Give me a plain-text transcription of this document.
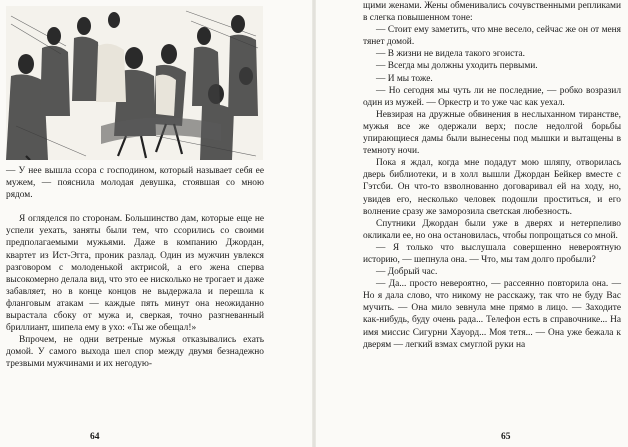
— У нее вышла ссора с господином, который называет себя ее мужем, — пояснила молодая девушка, стоявшая со мною рядом.

Я огляделся по сторонам. Большинство дам, которые еще не успели уехать, заняты были тем, что ссорились со своими предполагаемыми мужьями. Даже в компанию Джордан, квартет из Ист-Эгга, проник разлад. Один из мужчин увлекся разговором с молоденькой актрисой, а его жена сперва высокомерно делала вид, что это ее нисколько не трогает и даже забавляет, но в конце концов не выдержала и перешла к фланговым атакам — каждые пять минут она неожиданно вырастала сбоку от мужа и, сверкая, точно разгневанный бриллиант, шипела ему в ухо: «Ты же обещал!»

Впрочем, не одни ветреные мужья отказывались ехать домой. У самого выхода шел спор между двумя безнадежно трезвыми мужчинами и их негодую-

64

щими женами. Жены обменивались сочувственными репликами в слегка повышенном тоне:

— Стоит ему заметить, что мне весело, сейчас же он от меня тянет домой.

— В жизни не видела такого эгоиста.

— Всегда мы должны уходить первыми.

— И мы тоже.

— Но сегодня мы чуть ли не последние, — робко возразил один из мужей. — Оркестр и то уже час как уехал.

Невзирая на дружные обвинения в неслыханном тиранстве, мужья все же одержали верх; после недолгой борьбы упирающиеся дамы были вынесены под мышки и вытащены в темноту ночи.

Пока я ждал, когда мне подадут мою шляпу, отворилась дверь библиотеки, и в холл вышли Джордан Бейкер вместе с Гэтсби. Он что-то взволнованно договаривал ей на ходу, но, увидев его, несколько человек подошли проститься, и его волнение сразу же заморозила светская любезность.

Спутники Джордан были уже в дверях и нетерпеливо окликали ее, но она остановилась, чтобы попрощаться со мной.

— Я только что выслушала совершенно невероятную историю, — шепнула она. — Что, мы там долго пробыли?

— Добрый час.

— Да... просто невероятно, — рассеянно повторила она. — Но я дала слово, что никому не расскажу, так что не буду Вас мучить. — Она мило зевнула мне прямо в лицо. — Заходите как-нибудь, буду очень рада... Телефон есть в справочнике... На имя миссис Сигурни Хауорд... Моя тетя... — Она уже бежала к дверям — легкий взмах смуглой руки на

65
